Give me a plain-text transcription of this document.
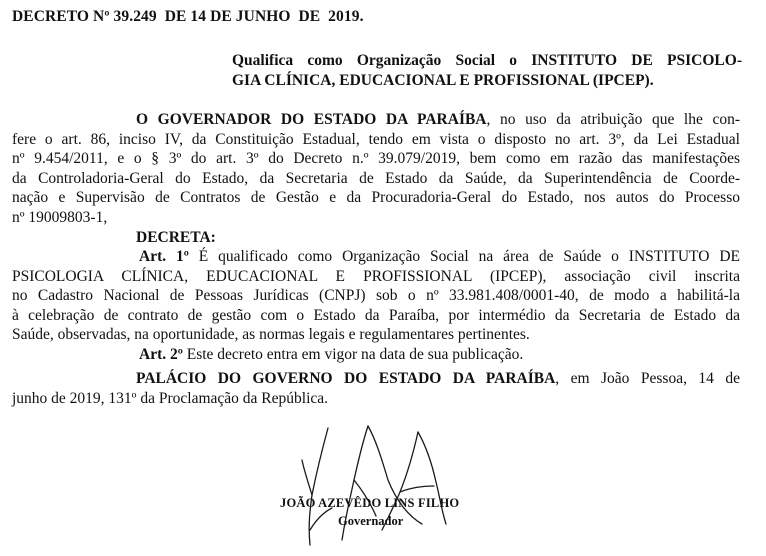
DECRETO Nº 39.249  DE 14 DE JUNHO  DE  2019.
Qualifica como Organização Social o INSTITUTO DE PSICOLO-
GIA CLÍNICA, EDUCACIONAL E PROFISSIONAL (IPCEP).
O GOVERNADOR DO ESTADO DA PARAÍBA, no uso da atribuição que lhe con-
fere o art. 86, inciso IV, da Constituição Estadual, tendo em vista o disposto no art. 3º, da Lei Estadual
nº 9.454/2011, e o § 3º do art. 3º do Decreto n.º 39.079/2019, bem como em razão das manifestações
da Controladoria-Geral do Estado, da Secretaria de Estado da Saúde, da Superintendência de Coorde-
nação e Supervisão de Contratos de Gestão e da Procuradoria-Geral do Estado, nos autos do Processo
nº 19009803-1,
DECRETA:
Art. 1º É qualificado como Organização Social na área de Saúde o INSTITUTO DE
PSICOLOGIA CLÍNICA, EDUCACIONAL E PROFISSIONAL (IPCEP), associação civil inscrita
no Cadastro Nacional de Pessoas Jurídicas (CNPJ) sob o nº 33.981.408/0001-40, de modo a habilitá-la
à celebração de contrato de gestão com o Estado da Paraíba, por intermédio da Secretaria de Estado da
Saúde, observadas, na oportunidade, as normas legais e regulamentares pertinentes.
Art. 2º Este decreto entra em vigor na data de sua publicação.
PALÁCIO DO GOVERNO DO ESTADO DA PARAÍBA, em João Pessoa, 14 de
junho de 2019, 131º da Proclamação da República.
JOÃO AZEVÊDO LINS FILHO
Governador
